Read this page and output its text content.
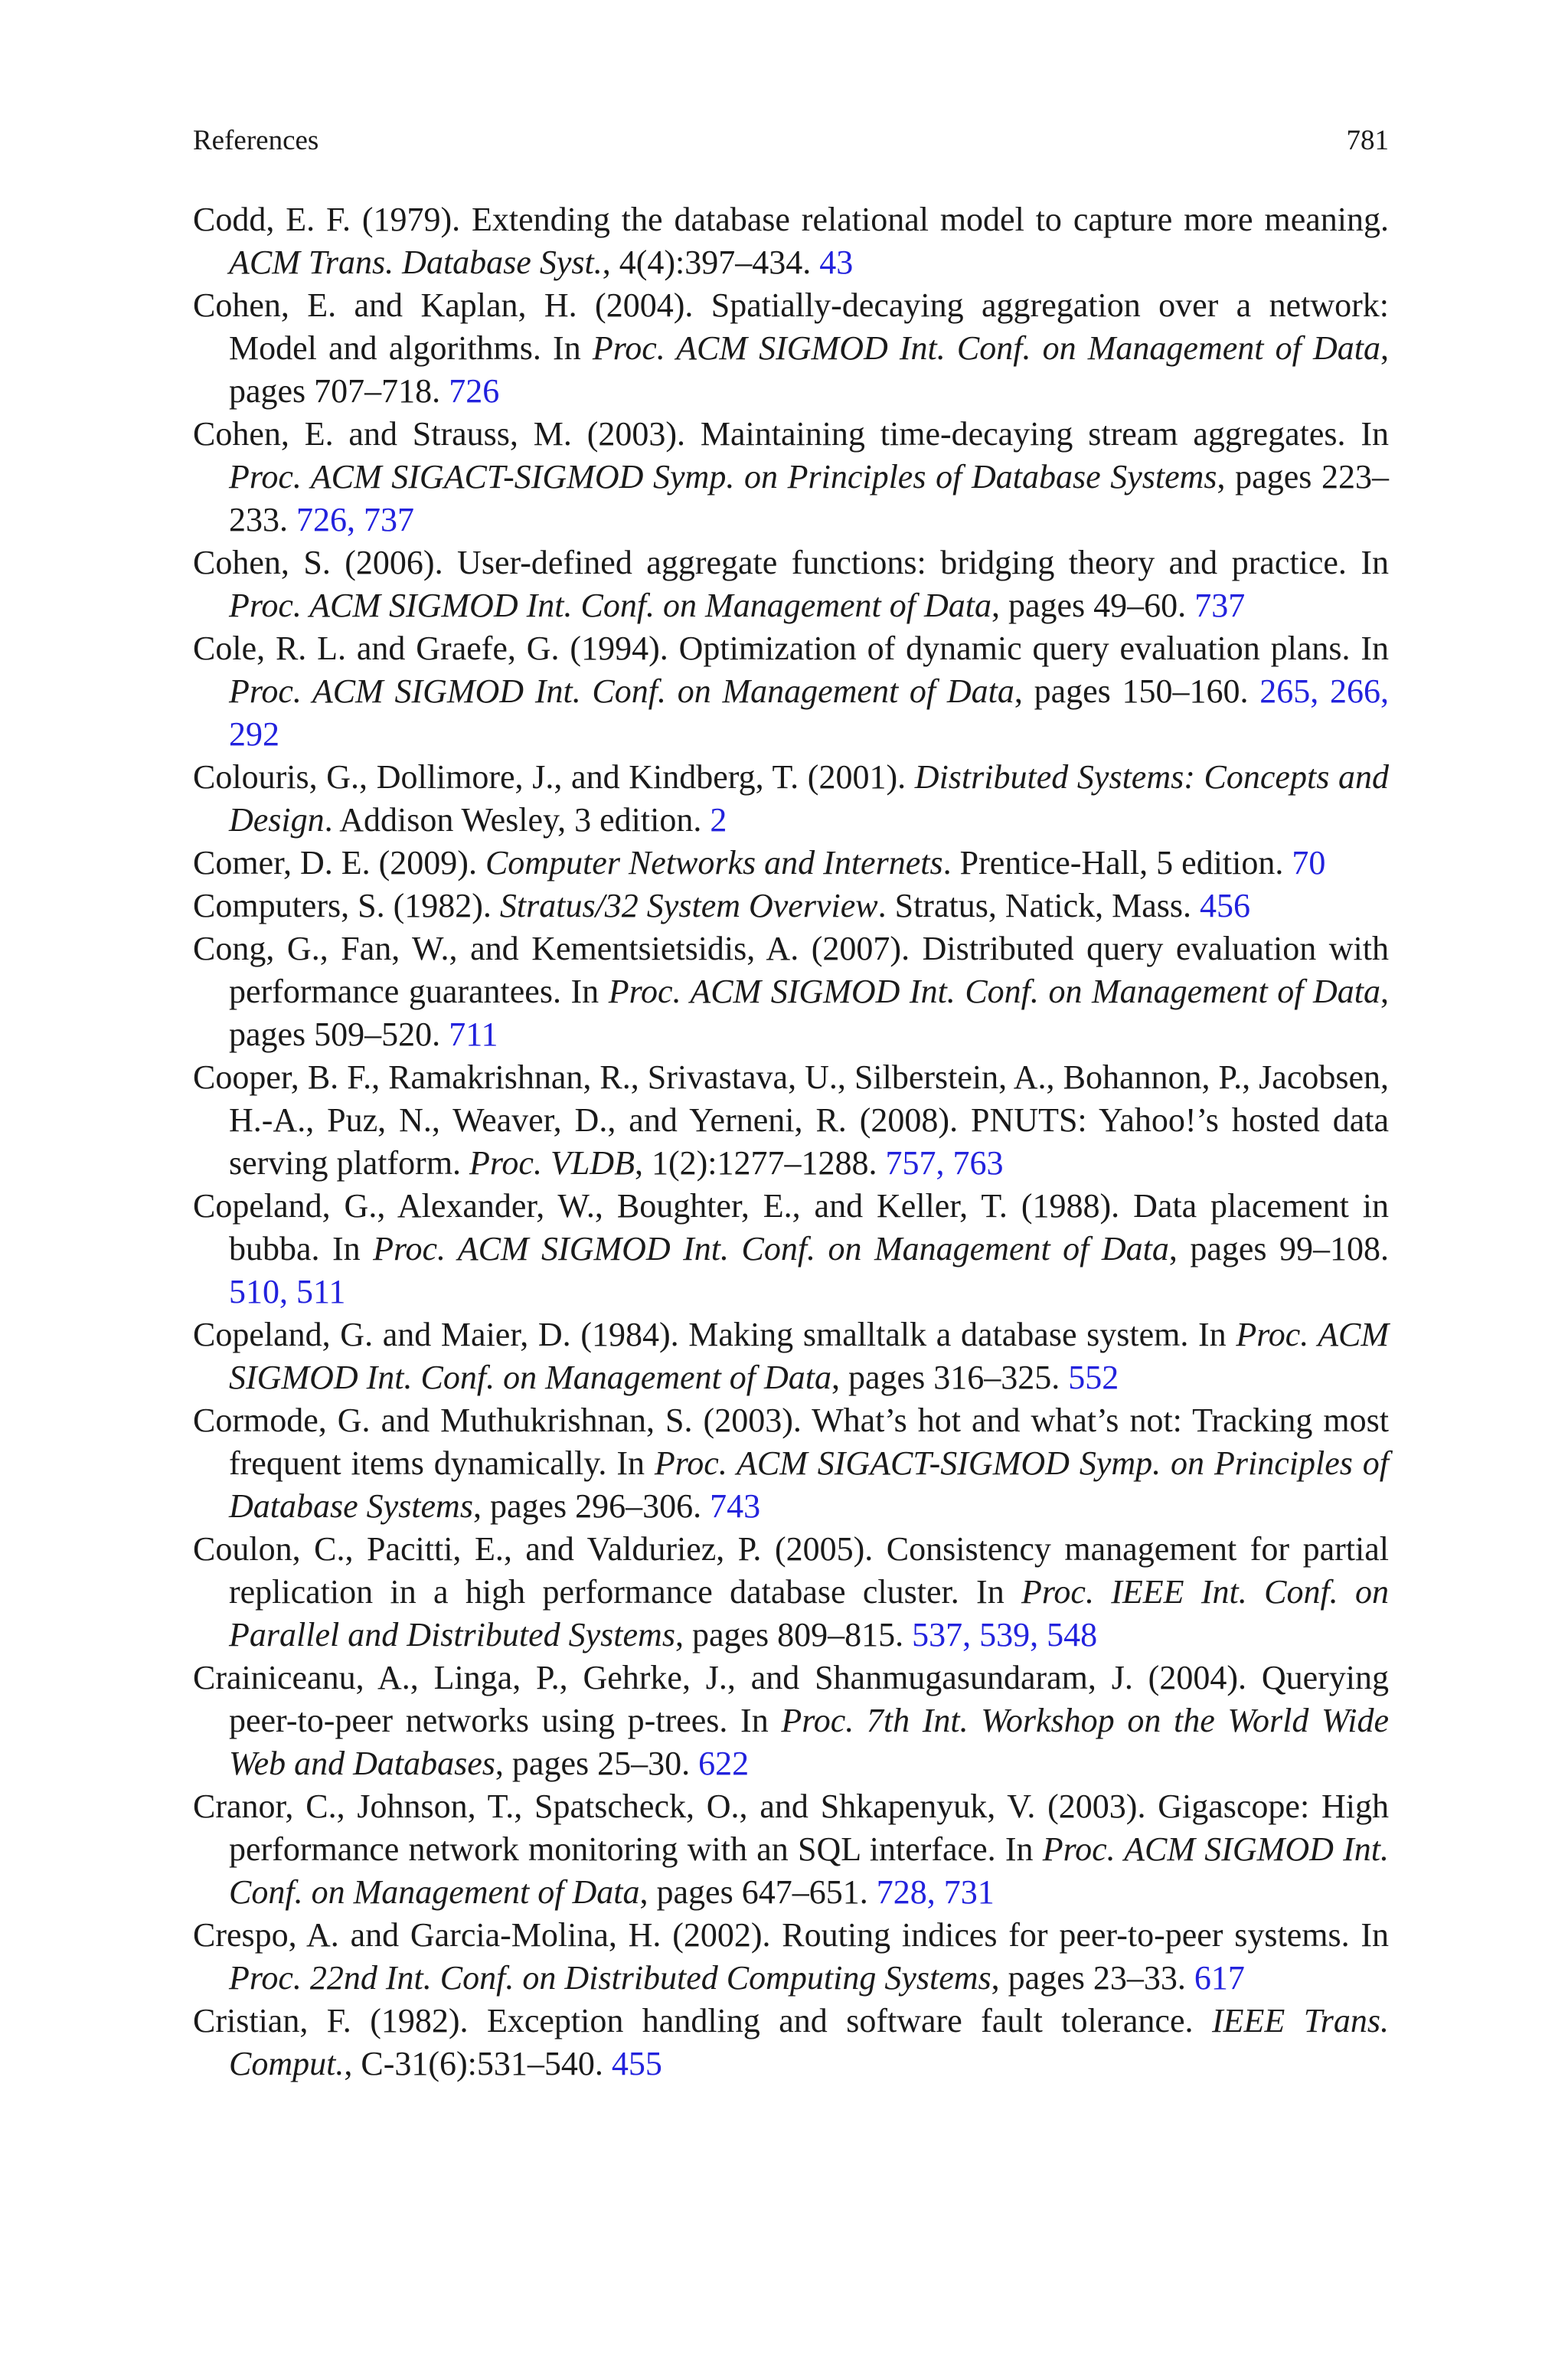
References	781
Codd, E. F. (1979). Extending the database relational model to capture more meaning. ACM Trans. Database Syst., 4(4):397–434. 43
Cohen, E. and Kaplan, H. (2004). Spatially-decaying aggregation over a network: Model and algorithms. In Proc. ACM SIGMOD Int. Conf. on Management of Data, pages 707–718. 726
Cohen, E. and Strauss, M. (2003). Maintaining time-decaying stream aggregates. In Proc. ACM SIGACT-SIGMOD Symp. on Principles of Database Systems, pages 223–233. 726, 737
Cohen, S. (2006). User-defined aggregate functions: bridging theory and practice. In Proc. ACM SIGMOD Int. Conf. on Management of Data, pages 49–60. 737
Cole, R. L. and Graefe, G. (1994). Optimization of dynamic query evaluation plans. In Proc. ACM SIGMOD Int. Conf. on Management of Data, pages 150–160. 265, 266, 292
Colouris, G., Dollimore, J., and Kindberg, T. (2001). Distributed Systems: Concepts and Design. Addison Wesley, 3 edition. 2
Comer, D. E. (2009). Computer Networks and Internets. Prentice-Hall, 5 edition. 70
Computers, S. (1982). Stratus/32 System Overview. Stratus, Natick, Mass. 456
Cong, G., Fan, W., and Kementsietsidis, A. (2007). Distributed query evaluation with performance guarantees. In Proc. ACM SIGMOD Int. Conf. on Management of Data, pages 509–520. 711
Cooper, B. F., Ramakrishnan, R., Srivastava, U., Silberstein, A., Bohannon, P., Jacobsen, H.-A., Puz, N., Weaver, D., and Yerneni, R. (2008). PNUTS: Yahoo!’s hosted data serving platform. Proc. VLDB, 1(2):1277–1288. 757, 763
Copeland, G., Alexander, W., Boughter, E., and Keller, T. (1988). Data placement in bubba. In Proc. ACM SIGMOD Int. Conf. on Management of Data, pages 99–108. 510, 511
Copeland, G. and Maier, D. (1984). Making smalltalk a database system. In Proc. ACM SIGMOD Int. Conf. on Management of Data, pages 316–325. 552
Cormode, G. and Muthukrishnan, S. (2003). What’s hot and what’s not: Tracking most frequent items dynamically. In Proc. ACM SIGACT-SIGMOD Symp. on Principles of Database Systems, pages 296–306. 743
Coulon, C., Pacitti, E., and Valduriez, P. (2005). Consistency management for partial replication in a high performance database cluster. In Proc. IEEE Int. Conf. on Parallel and Distributed Systems, pages 809–815. 537, 539, 548
Crainiceanu, A., Linga, P., Gehrke, J., and Shanmugasundaram, J. (2004). Querying peer-to-peer networks using p-trees. In Proc. 7th Int. Workshop on the World Wide Web and Databases, pages 25–30. 622
Cranor, C., Johnson, T., Spatscheck, O., and Shkapenyuk, V. (2003). Gigascope: High performance network monitoring with an SQL interface. In Proc. ACM SIGMOD Int. Conf. on Management of Data, pages 647–651. 728, 731
Crespo, A. and Garcia-Molina, H. (2002). Routing indices for peer-to-peer systems. In Proc. 22nd Int. Conf. on Distributed Computing Systems, pages 23–33. 617
Cristian, F. (1982). Exception handling and software fault tolerance. IEEE Trans. Comput., C-31(6):531–540. 455
